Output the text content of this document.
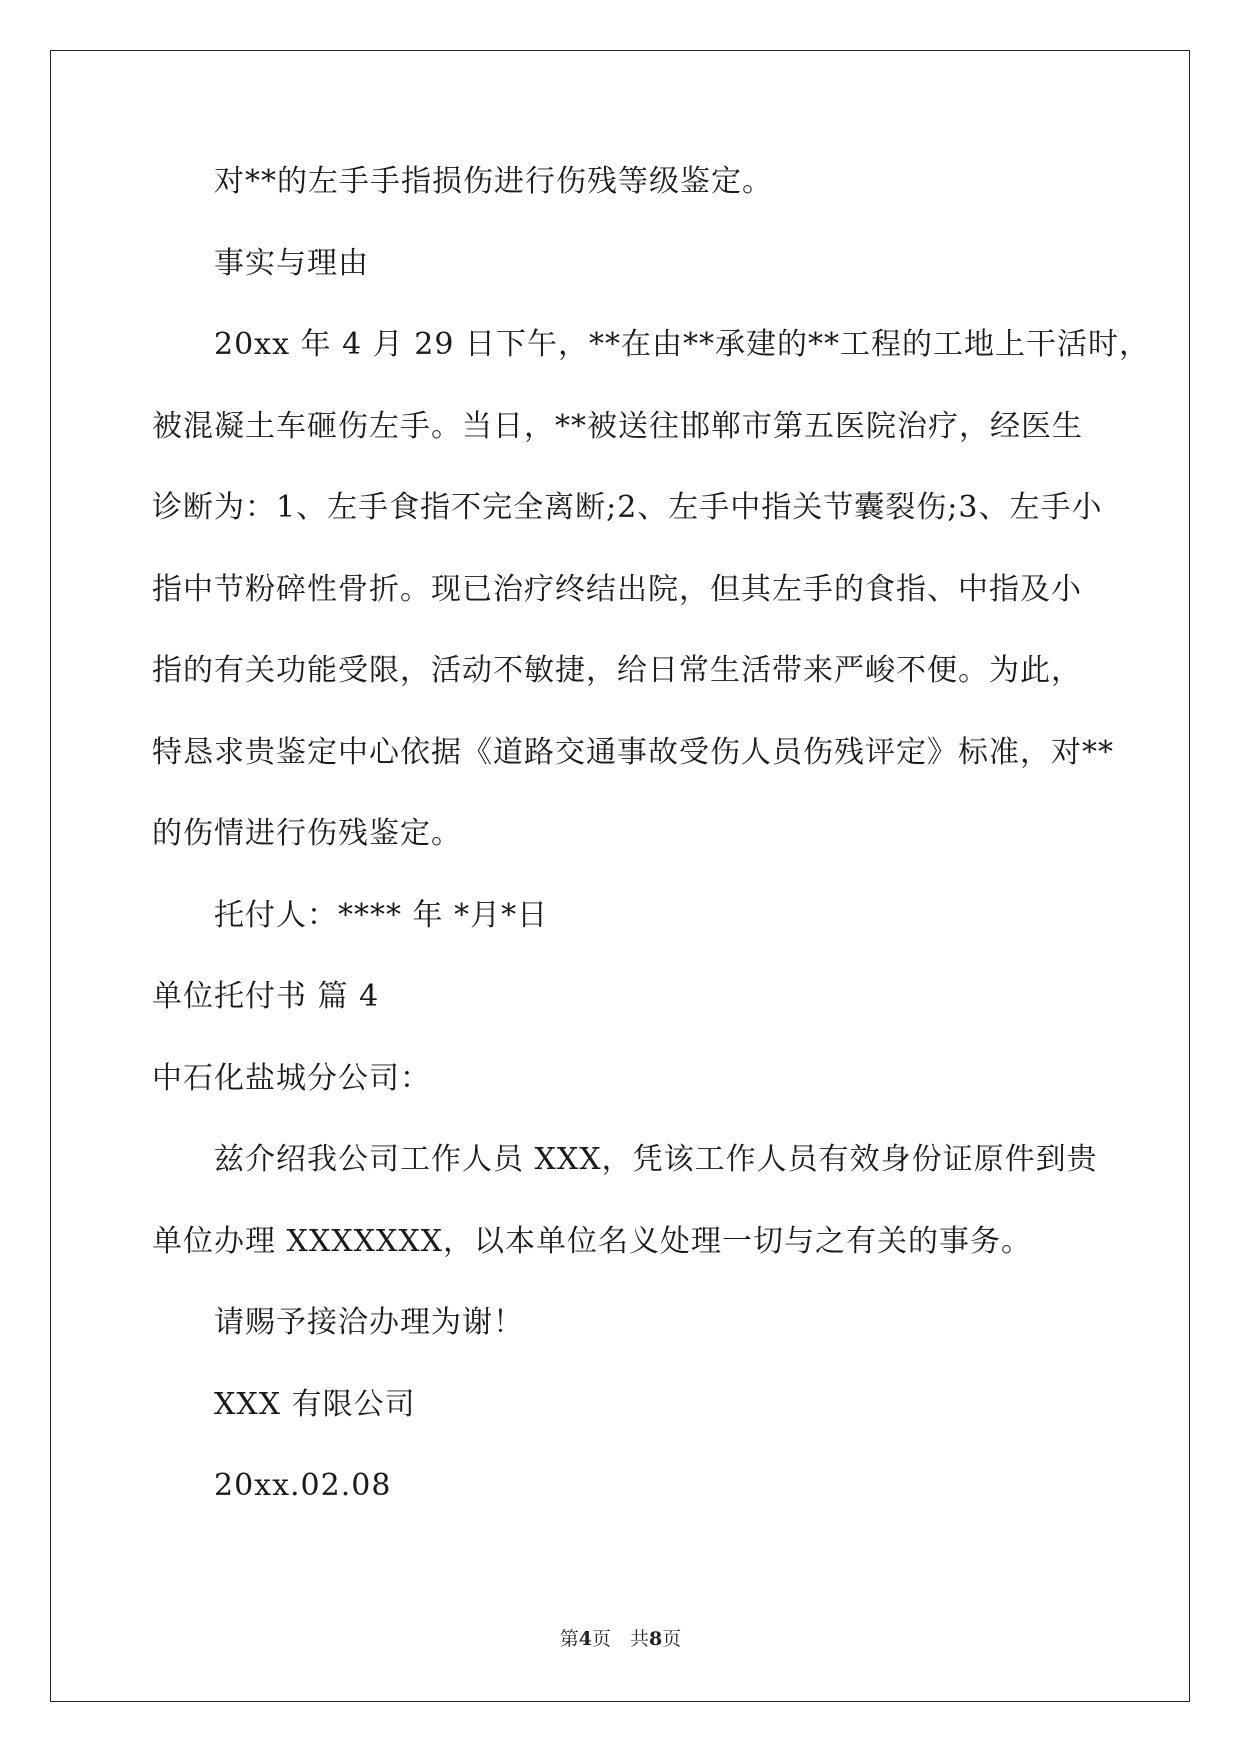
对**的左手手指损伤进行伤残等级鉴定。
事实与理由
20xx 年 4 月 29 日下午，**在由**承建的**工程的工地上干活时，
被混凝土车砸伤左手。当日，**被送往邯郸市第五医院治疗，经医生
诊断为：1、左手食指不完全离断;2、左手中指关节囊裂伤;3、左手小
指中节粉碎性骨折。现已治疗终结出院，但其左手的食指、中指及小
指的有关功能受限，活动不敏捷，给日常生活带来严峻不便。为此，
特恳求贵鉴定中心依据《道路交通事故受伤人员伤残评定》标准，对**
的伤情进行伤残鉴定。
托付人：**** 年 *月*日
单位托付书 篇 4
中石化盐城分公司：
兹介绍我公司工作人员 XXX，凭该工作人员有效身份证原件到贵
单位办理 XXXXXXX，以本单位名义处理一切与之有关的事务。
请赐予接洽办理为谢！
XXX 有限公司
20xx.02.08
第4页　共8页
